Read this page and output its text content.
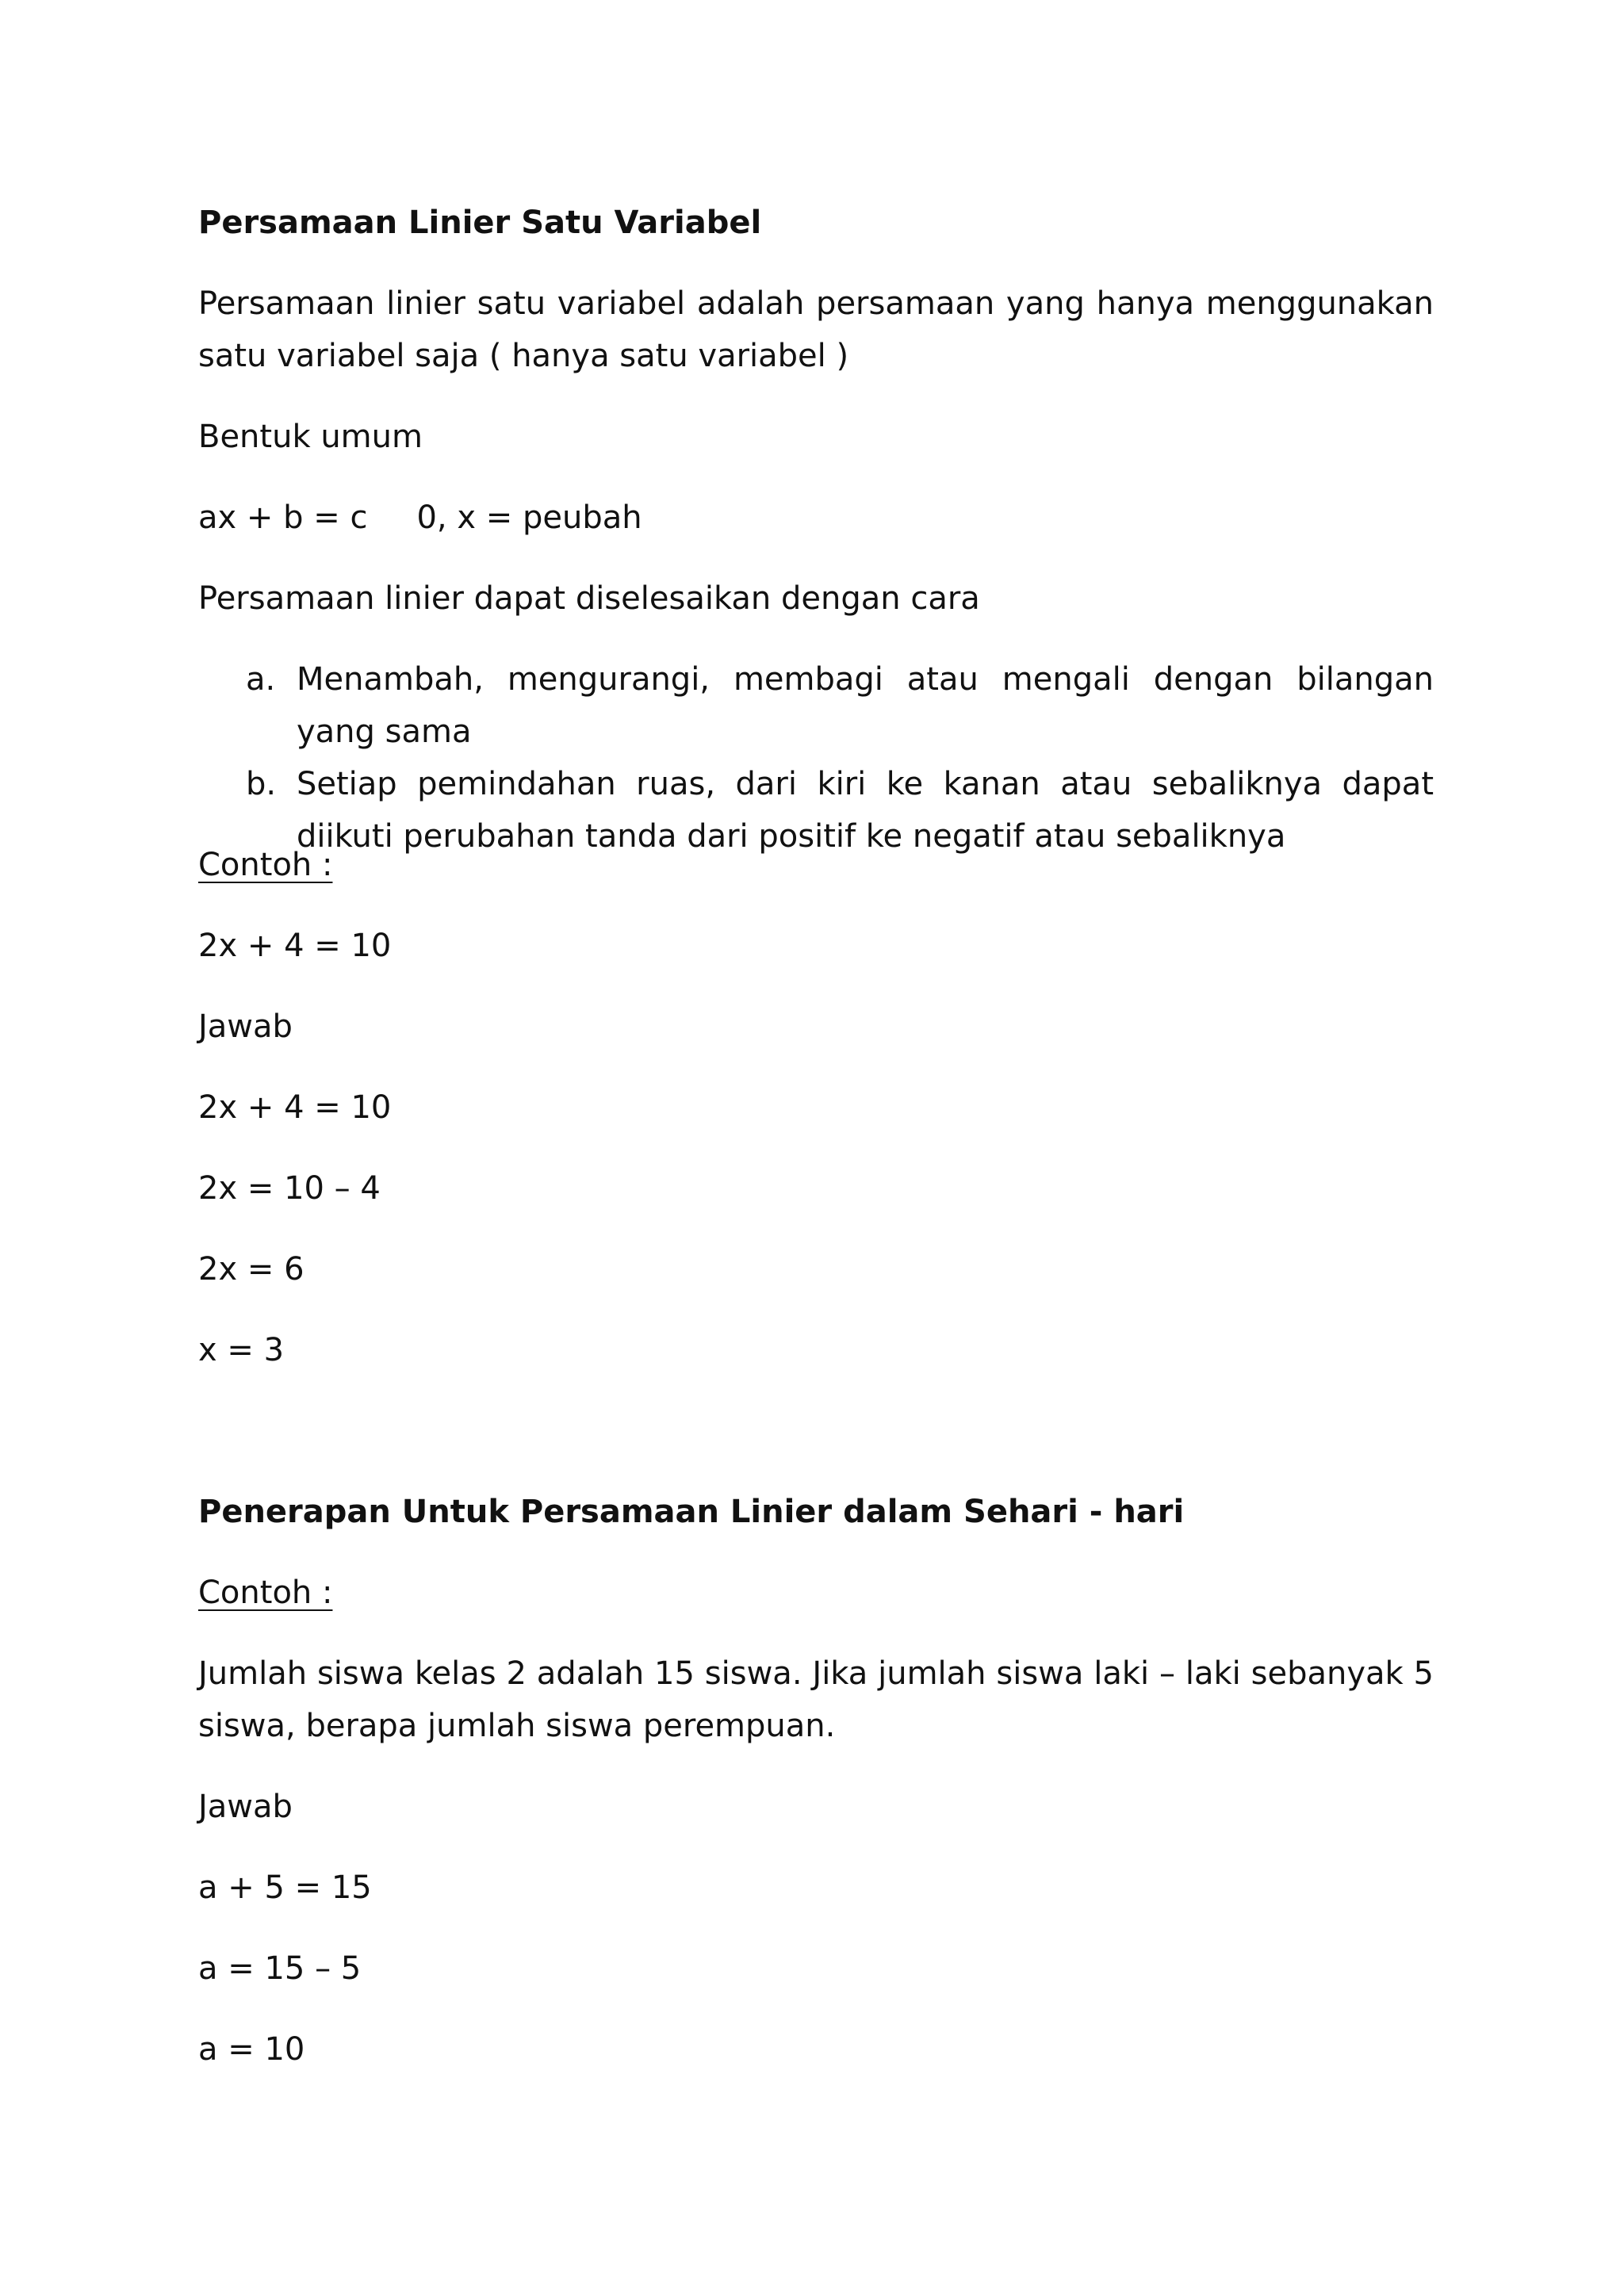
Persamaan Linier Satu Variabel
Persamaan linier satu variabel adalah persamaan yang hanya menggunakan satu variabel saja ( hanya satu variabel )
Bentuk umum
ax + b = c 0, x = peubah
Persamaan linier dapat diselesaikan dengan cara
a. Menambah, mengurangi, membagi atau mengali dengan bilangan yang sama
b. Setiap pemindahan ruas, dari kiri ke kanan atau sebaliknya dapat diikuti perubahan tanda dari positif ke negatif atau sebaliknya
Contoh :
2x + 4 = 10
Jawab
2x + 4 = 10
2x = 10 – 4
2x = 6
x = 3
Penerapan Untuk Persamaan Linier dalam Sehari - hari
Contoh :
Jumlah siswa kelas 2 adalah 15 siswa. Jika jumlah siswa laki – laki sebanyak 5 siswa, berapa jumlah siswa perempuan.
Jawab
a + 5 = 15
a = 15 – 5
a = 10
